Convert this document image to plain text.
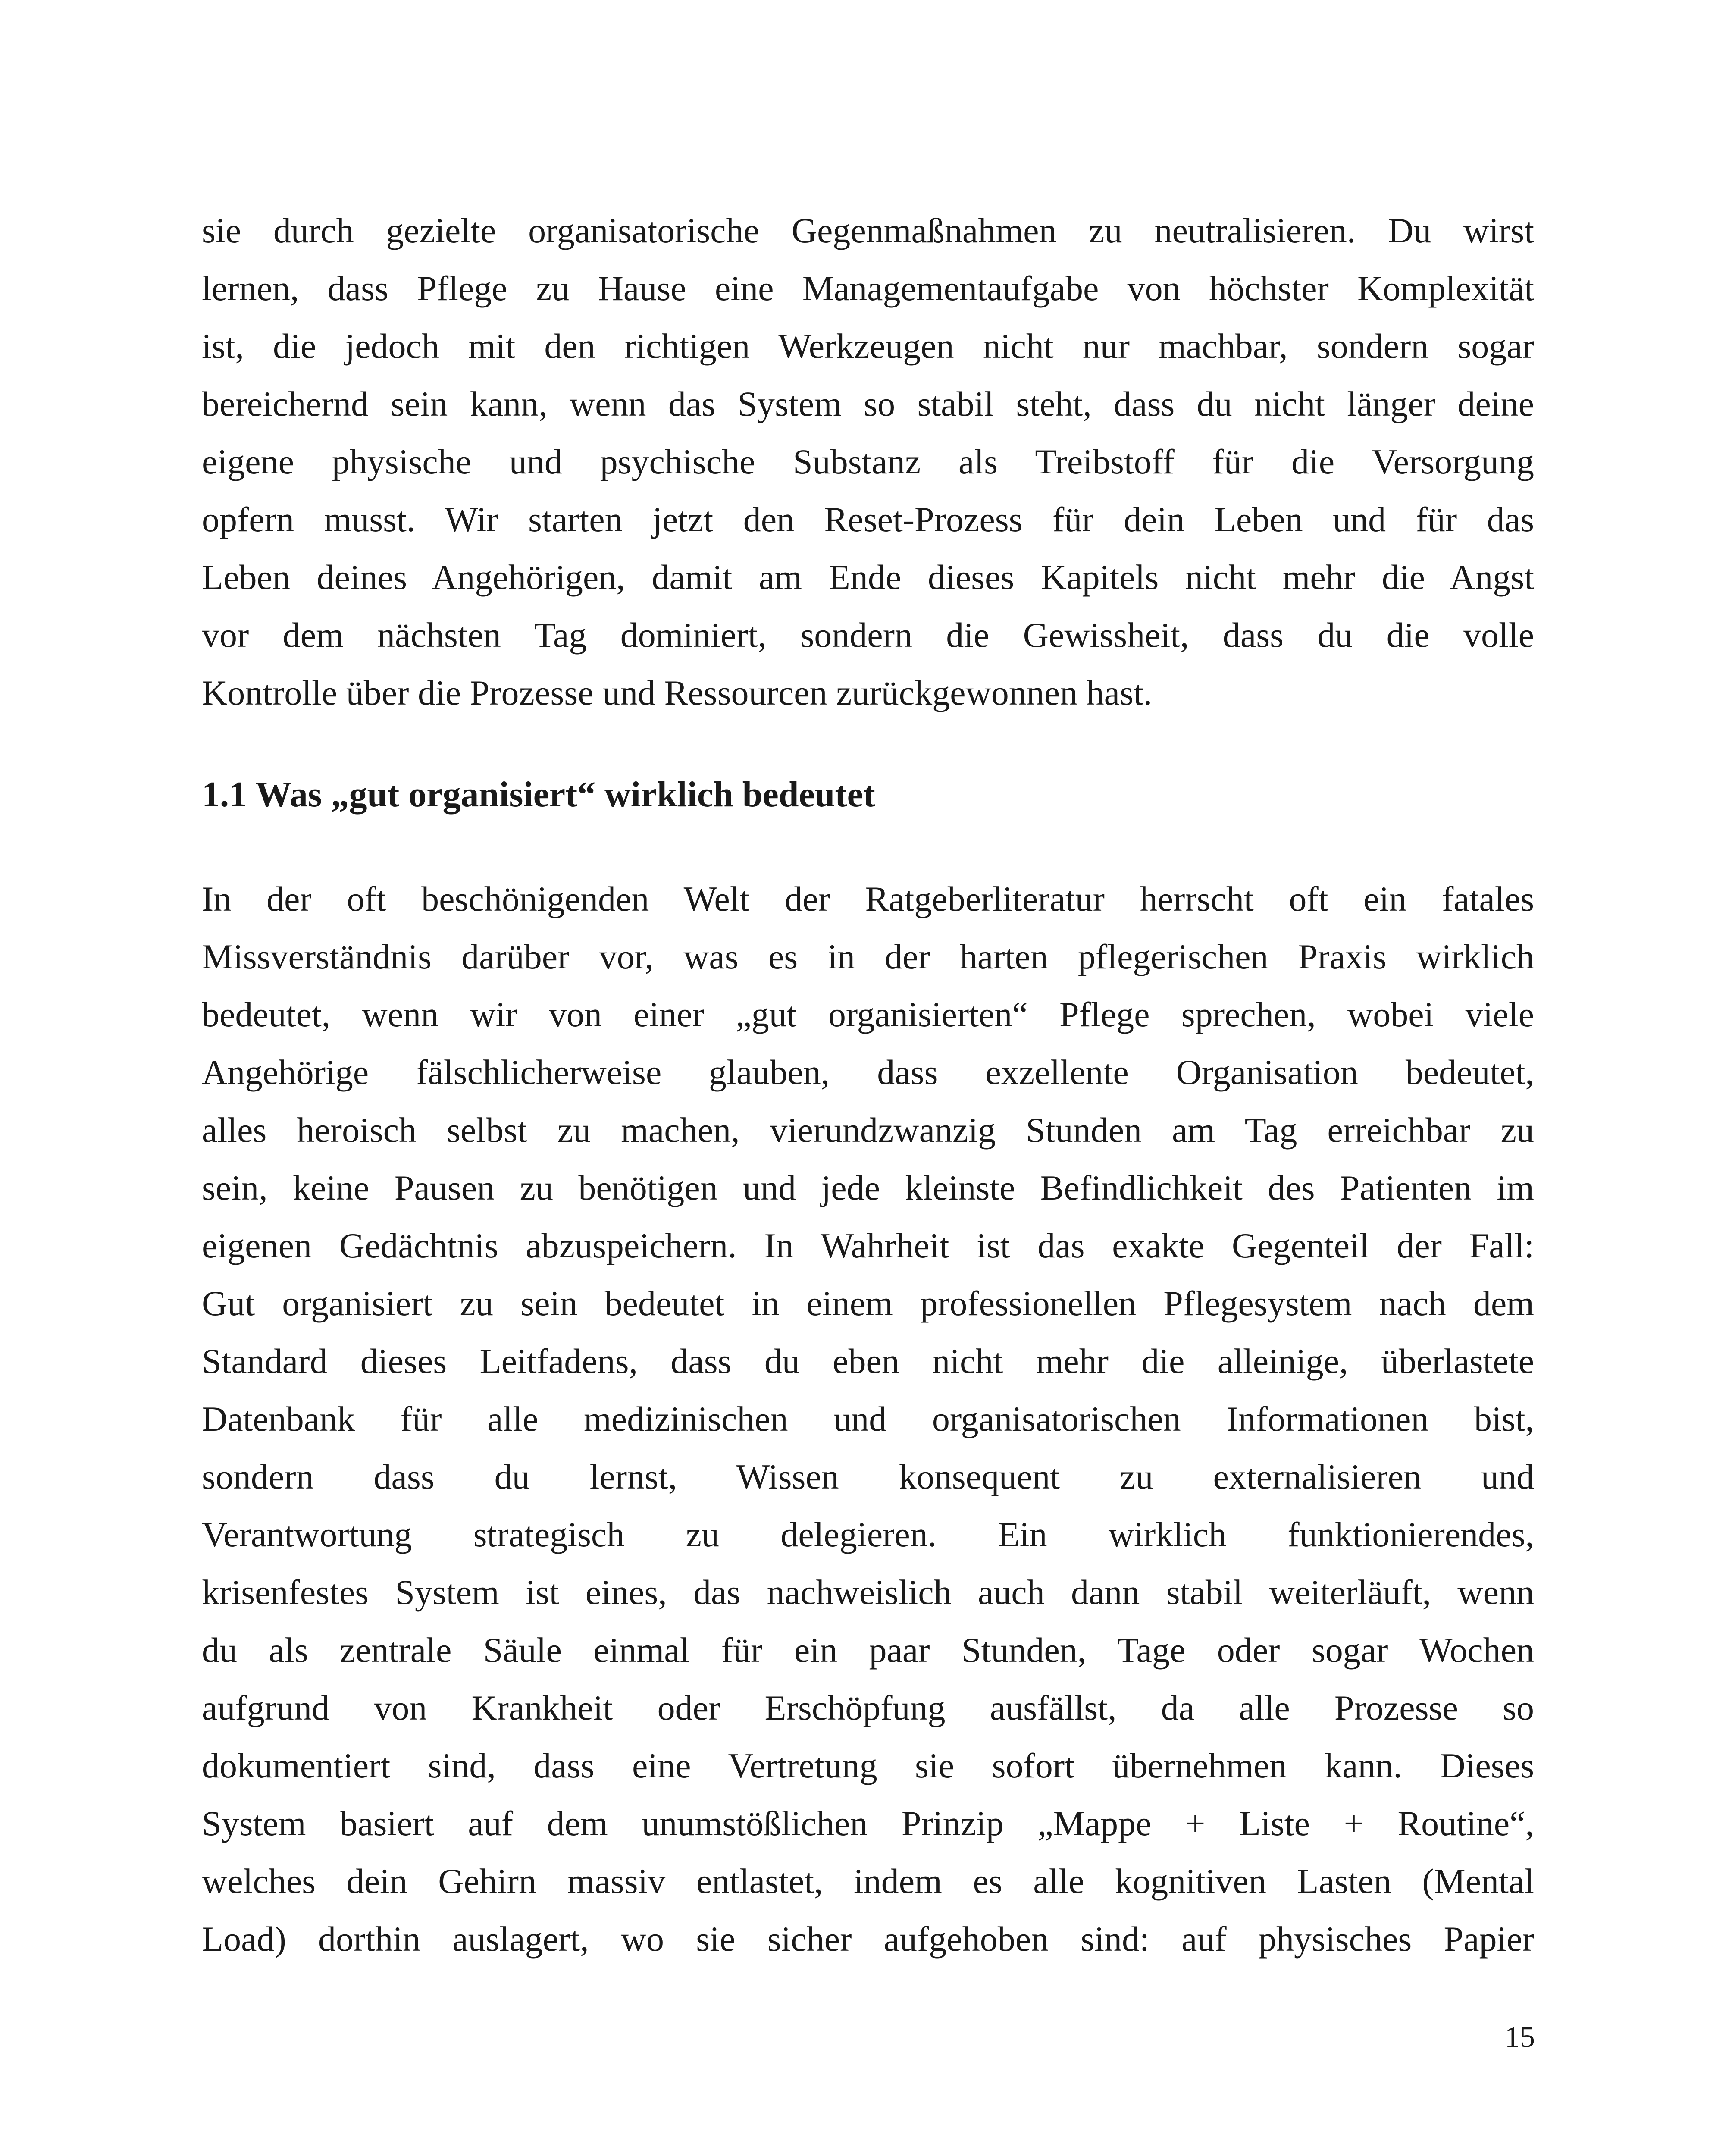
sie durch gezielte organisatorische Gegenmaßnahmen zu neutralisieren. Du wirst
lernen, dass Pflege zu Hause eine Managementaufgabe von höchster Komplexität
ist, die jedoch mit den richtigen Werkzeugen nicht nur machbar, sondern sogar
bereichernd sein kann, wenn das System so stabil steht, dass du nicht länger deine
eigene physische und psychische Substanz als Treibstoff für die Versorgung
opfern musst. Wir starten jetzt den Reset-Prozess für dein Leben und für das
Leben deines Angehörigen, damit am Ende dieses Kapitels nicht mehr die Angst
vor dem nächsten Tag dominiert, sondern die Gewissheit, dass du die volle
Kontrolle über die Prozesse und Ressourcen zurückgewonnen hast.
1.1 Was „gut organisiert“ wirklich bedeutet
In der oft beschönigenden Welt der Ratgeberliteratur herrscht oft ein fatales
Missverständnis darüber vor, was es in der harten pflegerischen Praxis wirklich
bedeutet, wenn wir von einer „gut organisierten“ Pflege sprechen, wobei viele
Angehörige fälschlicherweise glauben, dass exzellente Organisation bedeutet,
alles heroisch selbst zu machen, vierundzwanzig Stunden am Tag erreichbar zu
sein, keine Pausen zu benötigen und jede kleinste Befindlichkeit des Patienten im
eigenen Gedächtnis abzuspeichern. In Wahrheit ist das exakte Gegenteil der Fall:
Gut organisiert zu sein bedeutet in einem professionellen Pflegesystem nach dem
Standard dieses Leitfadens, dass du eben nicht mehr die alleinige, überlastete
Datenbank für alle medizinischen und organisatorischen Informationen bist,
sondern dass du lernst, Wissen konsequent zu externalisieren und
Verantwortung strategisch zu delegieren. Ein wirklich funktionierendes,
krisenfestes System ist eines, das nachweislich auch dann stabil weiterläuft, wenn
du als zentrale Säule einmal für ein paar Stunden, Tage oder sogar Wochen
aufgrund von Krankheit oder Erschöpfung ausfällst, da alle Prozesse so
dokumentiert sind, dass eine Vertretung sie sofort übernehmen kann. Dieses
System basiert auf dem unumstößlichen Prinzip „Mappe + Liste + Routine“,
welches dein Gehirn massiv entlastet, indem es alle kognitiven Lasten (Mental
Load) dorthin auslagert, wo sie sicher aufgehoben sind: auf physisches Papier
15
